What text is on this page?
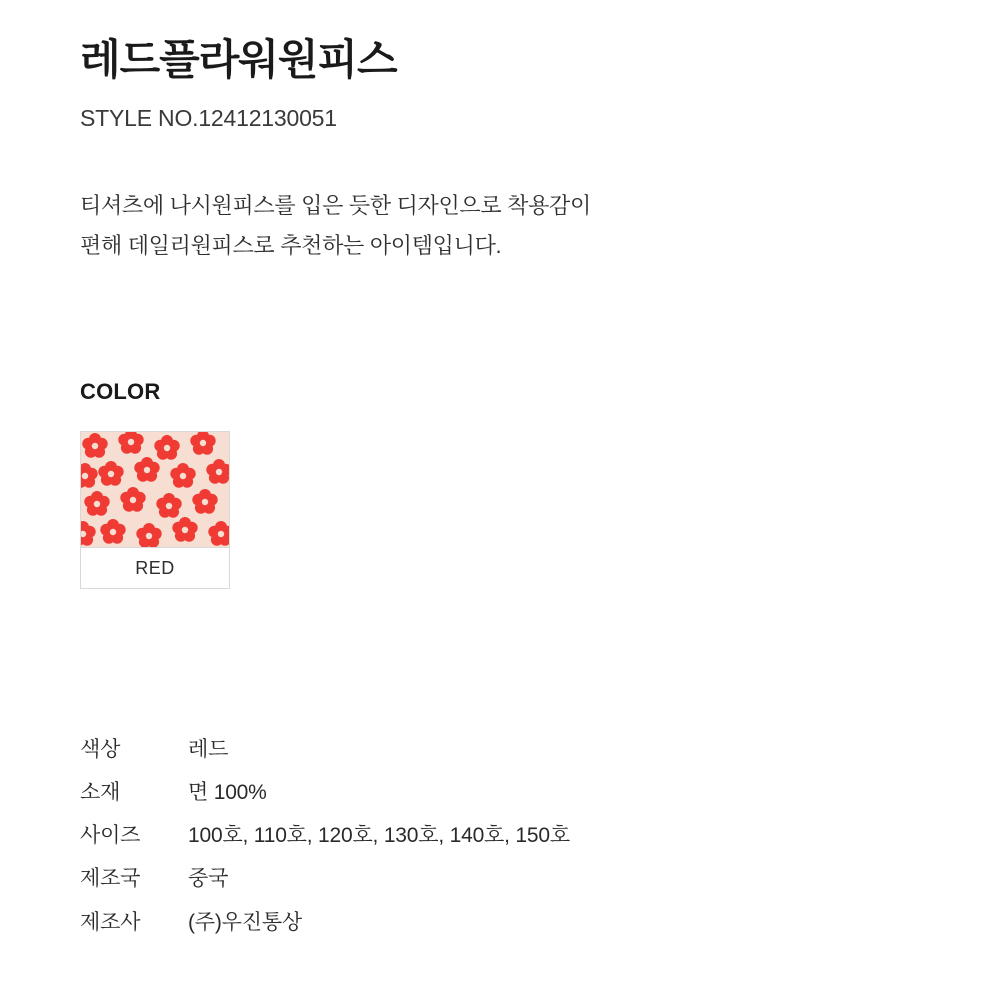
레드플라워원피스
STYLE NO.12412130051
티셔츠에 나시원피스를 입은 듯한 디자인으로 착용감이
편해 데일리원피스로 추천하는 아이템입니다.
COLOR
RED
색상	레드
소재	면 100%
사이즈	100호, 110호, 120호, 130호, 140호, 150호
제조국	중국
제조사	(주)우진통상
